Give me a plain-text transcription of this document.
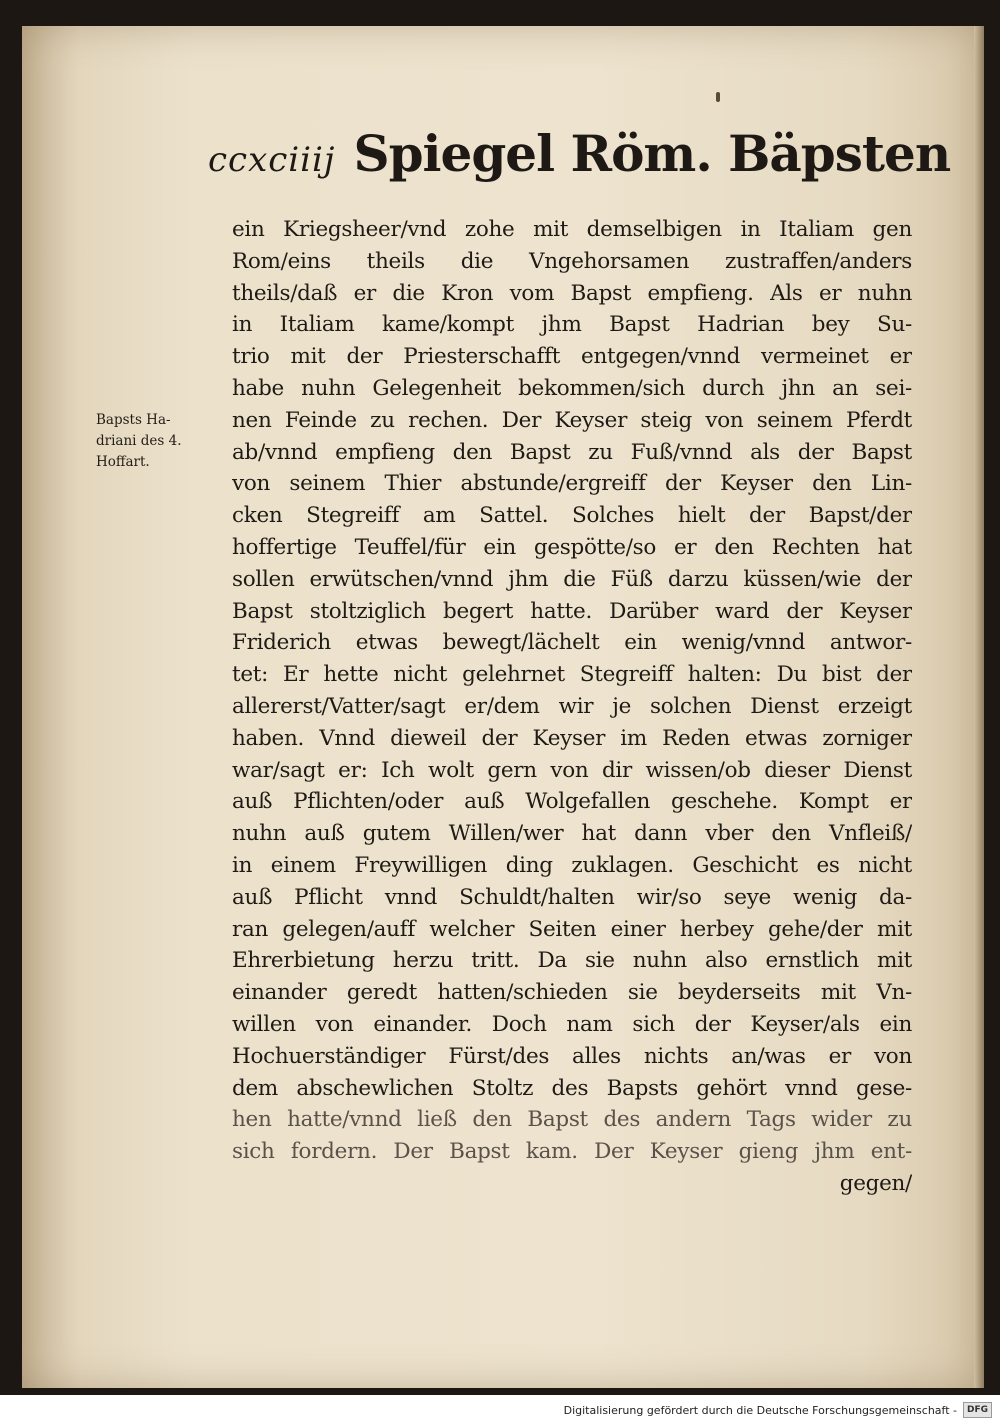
ccxciiij Spiegel Röm. Bäpsten
Bapsts Ha-
driani des 4.
Hoffart.
ein Kriegsheer/vnd zohe mit demselbigen in Italiam gen
Rom/eins theils die Vngehorsamen zustraffen/anders
theils/daß er die Kron vom Bapst empfieng. Als er nuhn
in Italiam kame/kompt jhm Bapst Hadrian bey Su-
trio mit der Priesterschafft entgegen/vnnd vermeinet er
habe nuhn Gelegenheit bekommen/sich durch jhn an sei-
nen Feinde zu rechen. Der Keyser steig von seinem Pferdt
ab/vnnd empfieng den Bapst zu Fuß/vnnd als der Bapst
von seinem Thier abstunde/ergreiff der Keyser den Lin-
cken Stegreiff am Sattel. Solches hielt der Bapst/der
hoffertige Teuffel/für ein gespötte/so er den Rechten hat
sollen erwütschen/vnnd jhm die Füß darzu küssen/wie der
Bapst stoltziglich begert hatte. Darüber ward der Keyser
Friderich etwas bewegt/lächelt ein wenig/vnnd antwor-
tet: Er hette nicht gelehrnet Stegreiff halten: Du bist der
allererst/Vatter/sagt er/dem wir je solchen Dienst erzeigt
haben. Vnnd dieweil der Keyser im Reden etwas zorniger
war/sagt er: Ich wolt gern von dir wissen/ob dieser Dienst
auß Pflichten/oder auß Wolgefallen geschehe. Kompt er
nuhn auß gutem Willen/wer hat dann vber den Vnfleiß/
in einem Freywilligen ding zuklagen. Geschicht es nicht
auß Pflicht vnnd Schuldt/halten wir/so seye wenig da-
ran gelegen/auff welcher Seiten einer herbey gehe/der mit
Ehrerbietung herzu tritt. Da sie nuhn also ernstlich mit
einander geredt hatten/schieden sie beyderseits mit Vn-
willen von einander. Doch nam sich der Keyser/als ein
Hochuerständiger Fürst/des alles nichts an/was er von
dem abschewlichen Stoltz des Bapsts gehört vnnd gese-
hen hatte/vnnd ließ den Bapst des andern Tags wider zu
sich fordern. Der Bapst kam. Der Keyser gieng jhm ent-
gegen/
Digitalisierung gefördert durch die Deutsche Forschungsgemeinschaft -	DFG
